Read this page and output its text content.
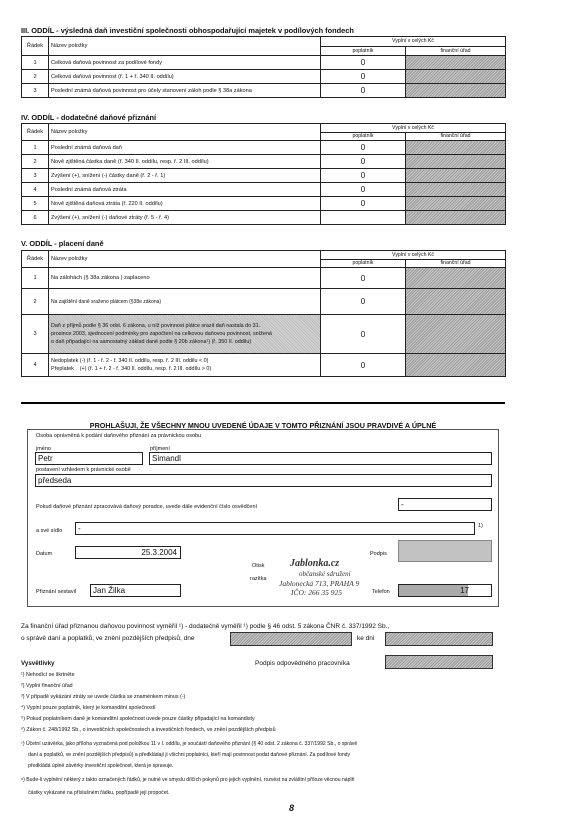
III. ODDÍL - výsledná daň investiční společnosti obhospodařující majetek v podílových fondech
Řádek	Název položky	Vyplní v celých Kč	
		poplatník	finanční úřad
1	Celková daňová povinnost za podílové fondy	0	
2	Celková daňová povinnost (ř. 1 + ř. 340 II. oddílu)	0	
3	Poslední známá daňová povinnost pro účely stanovení záloh podle § 38a zákona	0	
IV. ODDÍL - dodatečné daňové přiznání
Řádek	Název položky	Vyplní v celých Kč	
		poplatník	finanční úřad
1	Poslední známá daňová daň	0	
2	Nově zjištěná částka daně (ř. 340 II. oddílu, resp. ř. 2 III. oddílu)	0	
3	Zvýšení (+), snížení (-) částky daně (ř. 2 - ř. 1)	0	
4	Poslední známá daňová ztráta	0	
5	Nově zjištěná daňová ztráta (ř. 220 II. oddílu)	0	
6	Zvýšení (+), snížení (-) daňové ztráty (ř. 5 - ř. 4)		
V. ODDÍL - placení daně
Řádek	Název položky	Vyplní v celých Kč	
		poplatník	finanční úřad
1	Na zálohách (§ 38a zákona ) zaplaceno	0	
2	Na zajištění daně sraženo plátcem (§38e zákona)	0	
3	Daň z příjmů podle § 36 odst. 6 zákona, u níž povinnost plátce srazit daň nastala do 31.
prosince 2003, sjednocení podmínky pro započtení na celkovou daňovou povinnost, snížená
o daň připadající na samostatný základ daně podle § 20b zákona¹) (ř. 350 II. oddílu)	0	
4	Nedoplatek (-) (ř. 1 - ř. 2 - ř. 340 II. oddílu, resp. ř. 2 III. oddílu < 0)
Přeplatek    (+) (ř. 1 + ř. 2 - ř. 340 II. oddílu, resp. ř. 2 III. oddílu > 0)	0	
PROHLAŠUJI, ŽE VŠECHNY MNOU UVEDENÉ ÚDAJE V TOMTO PŘIZNÁNÍ JSOU PRAVDIVÉ A ÚPLNÉ
Osoba oprávněná k podání daňového přiznání za právnickou osobu
jméno	příjmení
Petr	Simandl
postavení vzhledem k právnické osobě
předseda
Pokud daňové přiznání zpracovává daňový poradce, uvede dále evidenční číslo osvědčení	-
a své sídlo	-	1)
Datum	25.3.2004
Otisk
razítka
Podpis
Jablonka.cz
občanské sdružení
Jablonecká 713, PRAHA 9
IČO: 266 35 925
Přiznání sestavil	Jan Žilka	Telefon	17
Za finanční úřad přiznanou daňovou povinnost vyměřil ¹) - dodatečně vyměřil ¹) podle § 46 odst. 5 zákona ČNR č. 337/1992 Sb.,
o správě daní a poplatků, ve znění pozdějších předpisů, dne	ke dni
Vysvětlivky	Podpis odpovědného pracovníka
¹) Nehodící se škrtněte
²) Vyplní finanční úřad
³) V případě vykázání ztráty se uvede částka se znaménkem minus (-)
⁴) Vyplní pouze poplatník, který je komanditní společností
⁵) Pokud poplatníkem daně je komanditní společnost uvede pouze částky připadající na komandisty
⁶) Zákon č. 248/1992 Sb., o investičních společnostech a investičních fondech, ve znění pozdějších předpisů
⁷) Účetní uzávěrka, jako příloha vyznačená pod položkou 11 v I. oddílu, je součástí daňového přiznání (§ 40 odst. 2 zákona č. 337/1992 Sb., o správě
daní a poplatků, ve znění pozdějších předpisů) a předkládají ji všichni poplatníci, kteří mají povinnost podat daňové přiznání. Za podílové fondy
předkládá úplné závěrky investiční společnost, která je spravuje.
⁸) Bude-li vyplnění některý z takto označených řádků, je nutné ve smyslu dílčích pokynů pro jejich vyplnění, rozvést na zvláštní příloze věcnou náplň
částky vykázané na příslušném řádku, popřípadě její propočet.
8
